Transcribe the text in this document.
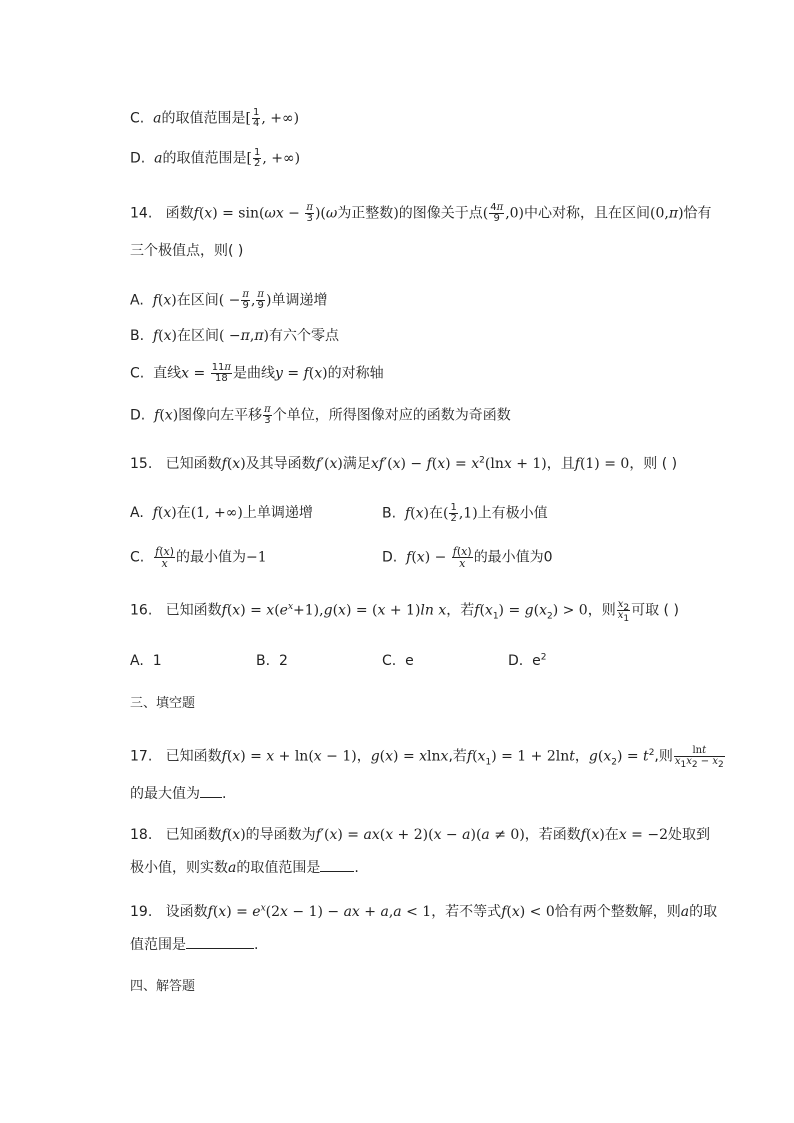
C.  a的取值范围是[ $\frac{1}{4}$ , +∞)
D.  a的取值范围是[ $\frac{1}{2}$ , +∞)
14. 函数$f(x) = \sin(\omega x - \frac{\pi}{3} )(\omega$为正整数)的图像关于点( $\frac{4\pi}{9} ,0$)中心对称，且在区间(0,π)恰有
三个极值点，则( )
A. f(x)在区间( − $\frac{\pi}{9}$ , $\frac{\pi}{9}$ )单调递增
B. f(x)在区间( −π,π)有六个零点
C. 直线$x = \frac{11\pi}{18}$ 是曲线y = f(x)的对称轴
D. f(x)图像向左平移 $\frac{\pi}{3}$ 个单位，所得图像对应的函数为奇函数
15. 已知函数f(x)及其导函数f′(x)满足$xf'(x) - f(x) = x^2(\ln x + 1)$，且f(1) = 0，则 ( )
A. f(x)在(1, +∞)上单调递增	B. f(x)在( $\frac{1}{2} ,1$)上有极小值
C. $\frac{f(x)}{x}$ 的最小值为−1	D. $f(x) - \frac{f(x)}{x}$ 的最小值为0
16. 已知函数$f(x) = x(e^x+1),g(x) = (x + 1)\ln$ x，若$f(x_1) = g(x_2) > 0$，则 $\frac{x_2}{x_1}$ 可取 ( )
A. 1	B. 2	C. e	D. $e^2$
三、填空题
17. 已知函数f(x) = x + ln(x − 1)，g(x) = xlnx,若$f(x_1) = 1 + 2\ln t$，$g(x_2) = t^2$,则 $\frac{\ln t}{x_1x_2 - x_2}$
的最大值为 .
18. 已知函数f(x)的导函数为f′(x) = ax(x + 2)(x − a)(a ≠ 0)，若函数f(x)在x = −2处取到
极小值，则实数a的取值范围是 .
19. 设函数$f(x) = e^x(2x - 1)$ − ax + a,a < 1，若不等式f(x) < 0恰有两个整数解，则a的取
值范围是	.
四、解答题
